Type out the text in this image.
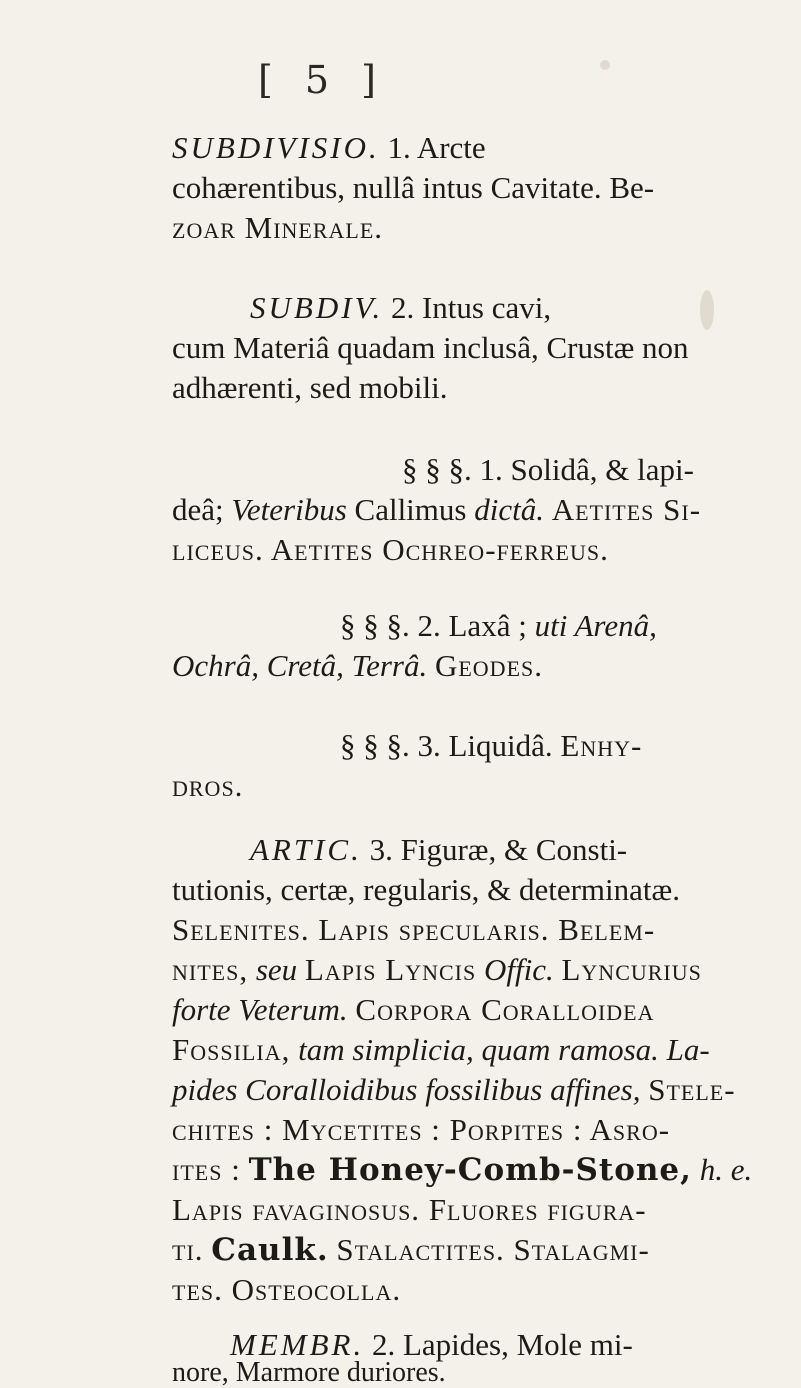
[ 5 ]
SUBDIVISIO. 1. Arcte
cohærentibus, nullâ intus Cavitate. Be-
zoar Minerale.
SUBDIV. 2. Intus cavi,
cum Materiâ quadam inclusâ, Crustæ non
adhærenti, sed mobili.
§ § §. 1. Solidâ, & lapi-
deâ; Veteribus Callimus dictâ. Aetites Si-
liceus. Aetites Ochreo-ferreus.
§ § §. 2. Laxâ ; uti Arenâ,
Ochrâ, Cretâ, Terrâ. Geodes.
§ § §. 3. Liquidâ. Enhy-
dros.
ARTIC. 3. Figuræ, & Consti-
tutionis, certæ, regularis, & determinatæ.
Selenites. Lapis specularis. Belem-
nites, seu Lapis Lyncis Offic. Lyncurius
forte Veterum. Corpora Coralloidea
Fossilia, tam simplicia, quam ramosa. La-
pides Coralloidibus fossilibus affines, Stele-
chites : Mycetites : Porpites : Asro-
ites : The Honey-Comb-Stone, h. e.
Lapis favaginosus. Fluores figura-
ti. Caulk. Stalactites. Stalagmi-
tes. Osteocolla.
MEMBR. 2. Lapides, Mole mi-
nore, Marmore duriores.
